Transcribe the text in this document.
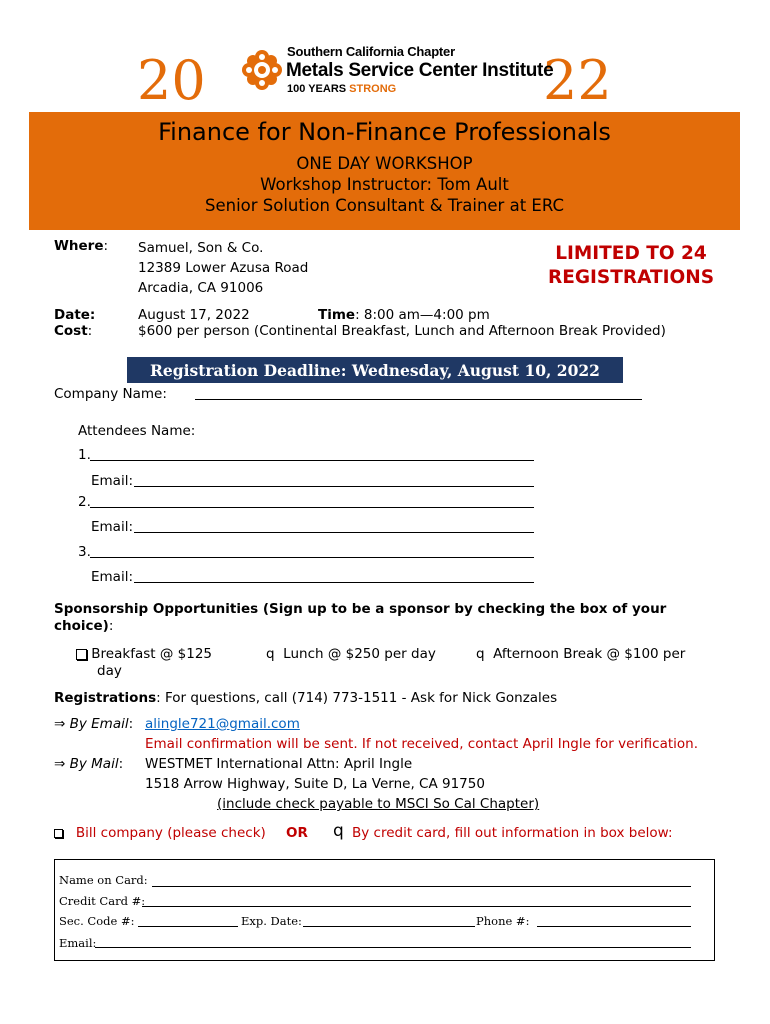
20	22
Southern California Chapter
Metals Service Center Institute
100 YEARS STRONG
Finance for Non-Finance Professionals
ONE DAY WORKSHOP
Workshop Instructor: Tom Ault
Senior Solution Consultant & Trainer at ERC
Where: Samuel, Son & Co.
12389 Lower Azusa Road
Arcadia, CA 91006
LIMITED TO 24
REGISTRATIONS
Date:	August 17, 2022	Time: 8:00 am—4:00 pm
Cost:	$600 per person (Continental Breakfast, Lunch and Afternoon Break Provided)
Registration Deadline: Wednesday, August 10, 2022
Company Name:
Attendees Name:
1.
Email:
2.
Email:
3.
Email:
Sponsorship Opportunities (Sign up to be a sponsor by checking the box of your
choice):
Breakfast @ $125
day
q Lunch @ $250 per day	q Afternoon Break @ $100 per
Registrations: For questions, call (714) 773-1511 - Ask for Nick Gonzales
⇒ By Email: alingle721@gmail.com
Email confirmation will be sent. If not received, contact April Ingle for verification.
⇒ By Mail: WESTMET International Attn: April Ingle
1518 Arrow Highway, Suite D, La Verne, CA 91750
(include check payable to MSCI So Cal Chapter)
Bill company (please check) OR q By credit card, fill out information in box below:
Name on Card:
Credit Card #:
Sec. Code #:	Exp. Date:	Phone #:
Email:
